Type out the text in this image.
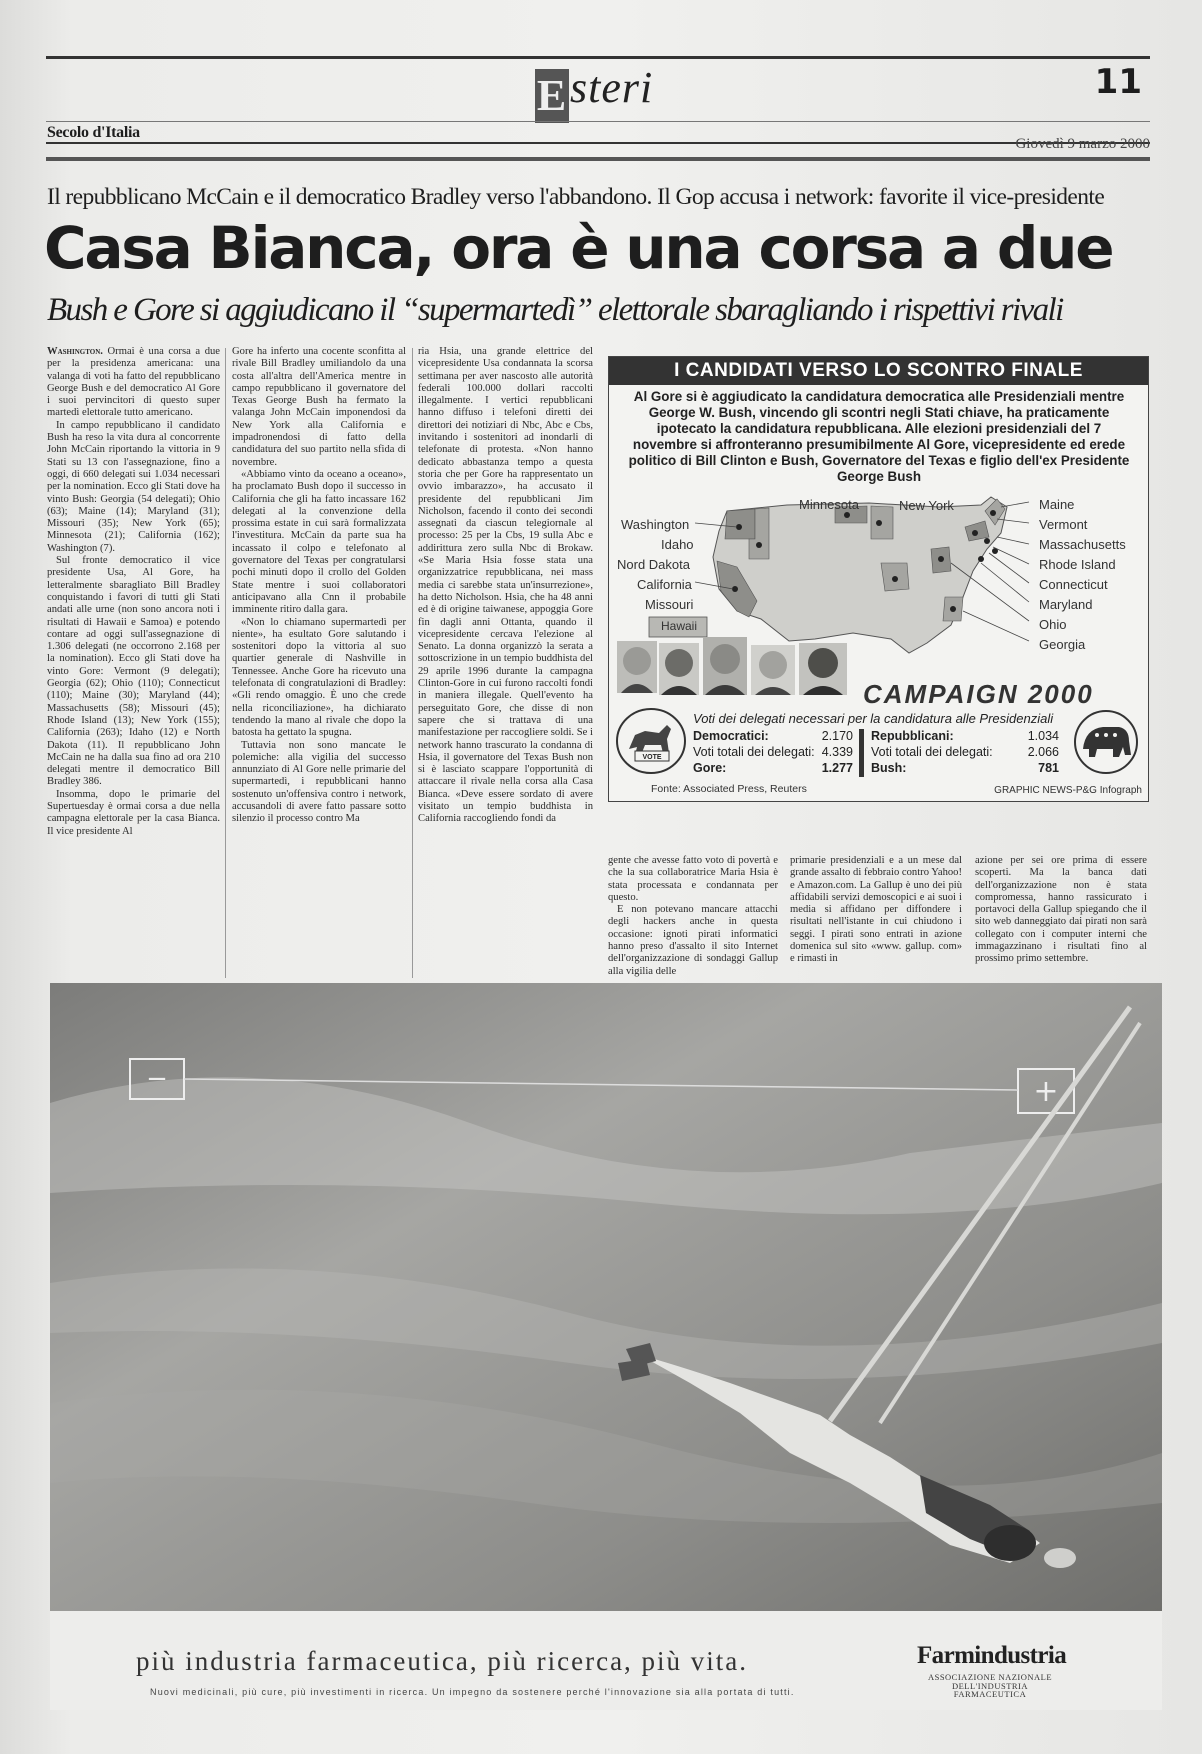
Esteri	11
Secolo d'Italia
Giovedì 9 marzo 2000
Il repubblicano McCain e il democratico Bradley verso l'abbandono. Il Gop accusa i network: favorite il vice-presidente
Casa Bianca, ora è una corsa a due
Bush e Gore si aggiudicano il “supermartedì” elettorale sbaragliando i rispettivi rivali

Washington. Ormai è una corsa a due per la presidenza americana: una valanga di voti ha fatto del repubblicano George Bush e del democratico Al Gore i suoi pervincitori di questo super martedì elettorale tutto americano.

In campo repubblicano il candidato Bush ha reso la vita dura al concorrente John McCain riportando la vittoria in 9 Stati su 13 con l'assegnazione, fino a oggi, di 660 delegati sui 1.034 necessari per la nomination. Ecco gli Stati dove ha vinto Bush: Georgia (54 delegati); Ohio (63); Maine (14); Maryland (31); Missouri (35); New York (65); Minnesota (21); California (162); Washington (7).

Sul fronte democratico il vice presidente Usa, Al Gore, ha letteralmente sbaragliato Bill Bradley conquistando i favori di tutti gli Stati andati alle urne (non sono ancora noti i risultati di Hawaii e Samoa) e potendo contare ad oggi sull'assegnazione di 1.306 delegati (ne occorrono 2.168 per la nomination). Ecco gli Stati dove ha vinto Gore: Vermont (9 delegati); Georgia (62); Ohio (110); Connecticut (110); Maine (30); Maryland (44); Massachusetts (58); Missouri (45); Rhode Island (13); New York (155); California (263); Idaho (12) e North Dakota (11). Il repubblicano John McCain ne ha dalla sua fino ad ora 210 delegati mentre il democratico Bill Bradley 386.

Insomma, dopo le primarie del Supertuesday è ormai corsa a due nella campagna elettorale per la casa Bianca. Il vice presidente Al

Gore ha inferto una cocente sconfitta al rivale Bill Bradley umiliandolo da una costa all'altra dell'America mentre in campo repubblicano il governatore del Texas George Bush ha fermato la valanga John McCain imponendosi da New York alla California e impadronendosi di fatto della candidatura del suo partito nella sfida di novembre.

«Abbiamo vinto da oceano a oceano», ha proclamato Bush dopo il successo in California che gli ha fatto incassare 162 delegati al la convenzione della prossima estate in cui sarà formalizzata l'investitura. McCain da parte sua ha incassato il colpo e telefonato al governatore del Texas per congratularsi pochi minuti dopo il crollo del Golden State mentre i suoi collaboratori anticipavano alla Cnn il probabile imminente ritiro dalla gara.

«Non lo chiamano supermartedì per niente», ha esultato Gore salutando i sostenitori dopo la vittoria al suo quartier generale di Nashville in Tennessee. Anche Gore ha ricevuto una telefonata di congratulazioni di Bradley: «Gli rendo omaggio. È uno che crede nella riconciliazione», ha dichiarato tendendo la mano al rivale che dopo la batosta ha gettato la spugna.

Tuttavia non sono mancate le polemiche: alla vigilia del successo annunziato di Al Gore nelle primarie del supermartedì, i repubblicani hanno sostenuto un'offensiva contro i network, accusandoli di avere fatto passare sotto silenzio il processo contro Ma

ria Hsia, una grande elettrice del vicepresidente Usa condannata la scorsa settimana per aver nascosto alle autorità federali 100.000 dollari raccolti illegalmente. I vertici repubblicani hanno diffuso i telefoni diretti dei direttori dei notiziari di Nbc, Abc e Cbs, invitando i sostenitori ad inondarli di telefonate di protesta. «Non hanno dedicato abbastanza tempo a questa storia che per Gore ha rappresentato un ovvio imbarazzo», ha accusato il presidente del repubblicani Jim Nicholson, facendo il conto dei secondi assegnati da ciascun telegiornale al processo: 25 per la Cbs, 19 sulla Abc e addirittura zero sulla Nbc di Brokaw. «Se Maria Hsia fosse stata una organizzatrice repubblicana, nei mass media ci sarebbe stata un'insurrezione», ha detto Nicholson. Hsia, che ha 48 anni ed è di origine taiwanese, appoggia Gore fin dagli anni Ottanta, quando il vicepresidente cercava l'elezione al Senato. La donna organizzò la serata a sottoscrizione in un tempio buddhista del 29 aprile 1996 durante la campagna Clinton-Gore in cui furono raccolti fondi in maniera illegale. Quell'evento ha perseguitato Gore, che disse di non sapere che si trattava di una manifestazione per raccogliere soldi. Se i network hanno trascurato la condanna di Hsia, il governatore del Texas Bush non si è lasciato scappare l'opportunità di attaccare il rivale nella corsa alla Casa Bianca. «Deve essere sordato di avere visitato un tempio buddhista in California raccogliendo fondi da

gente che avesse fatto voto di povertà e che la sua collaboratrice Maria Hsia è stata processata e condannata per questo.

E non potevano mancare attacchi degli hackers anche in questa occasione: ignoti pirati informatici hanno preso d'assalto il sito Internet dell'organizzazione di sondaggi Gallup alla vigilia delle

primarie presidenziali e a un mese dal grande assalto di febbraio contro Yahoo! e Amazon.com. La Gallup è uno dei più affidabili servizi demoscopici e ai suoi i media si affidano per diffondere i risultati nell'istante in cui chiudono i seggi. I pirati sono entrati in azione domenica sul sito «www. gallup. com» e rimasti in

azione per sei ore prima di essere scoperti. Ma la banca dati dell'organizzazione non è stata compromessa, hanno rassicurato i portavoci della Gallup spiegando che il sito web danneggiato dai pirati non sarà collegato con i computer interni che immagazzinano i risultati fino al prossimo primo settembre.

I CANDIDATI VERSO LO SCONTRO FINALE
Al Gore si è aggiudicato la candidatura democratica alle Presidenziali mentre George W. Bush, vincendo gli scontri negli Stati chiave, ha praticamente ipotecato la candidatura repubblicana. Alle elezioni presidenziali del 7 novembre si affronteranno presumibilmente Al Gore, vicepresidente ed erede politico di Bill Clinton e Bush, Governatore del Texas e figlio dell'ex Presidente George Bush
Washington
Idaho
Nord Dakota
California
Missouri
Minnesota	New York	Maine
Vermont
Massachusetts
Rhode Island
Connecticut
Maryland
Ohio
Georgia
Hawaii
CAMPAIGN 2000
VOTE
Voti dei delegati necessari per la candidatura alle Presidenziali
Democratici:	2.170
Voti totali dei delegati: 4.339
Gore:	1.277
Repubblicani:	1.034
Voti totali dei delegati:	2.066
Bush:	781
Fonte: Associated Press, Reuters	GRAPHIC NEWS-P&G Infograph
−	+
più industria farmaceutica, più ricerca, più vita.
Nuovi medicinali, più cure, più investimenti in ricerca. Un impegno da sostenere perché l'innovazione sia alla portata di tutti.
Farmindustria
ASSOCIAZIONE NAZIONALE DELL'INDUSTRIA FARMACEUTICA
